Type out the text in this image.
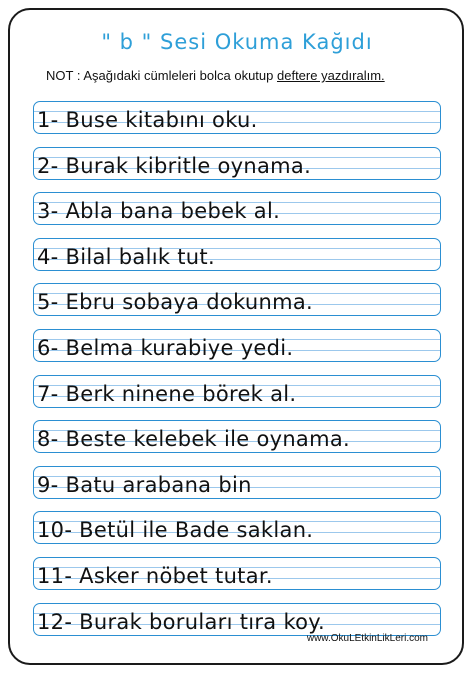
" b " Sesi Okuma Kağıdı
NOT : Aşağıdaki cümleleri bolca okutup deftere yazdıralım.
1- Buse kitabını oku.
2- Burak kibritle oynama.
3- Abla bana bebek al.
4- Bilal balık tut.
5- Ebru sobaya dokunma.
6- Belma kurabiye yedi.
7- Berk ninene börek al.
8- Beste kelebek ile oynama.
9- Batu arabana bin
10- Betül ile Bade saklan.
11- Asker nöbet tutar.
12- Burak boruları tıra koy.
www.OkuLEtkinLikLeri.com
